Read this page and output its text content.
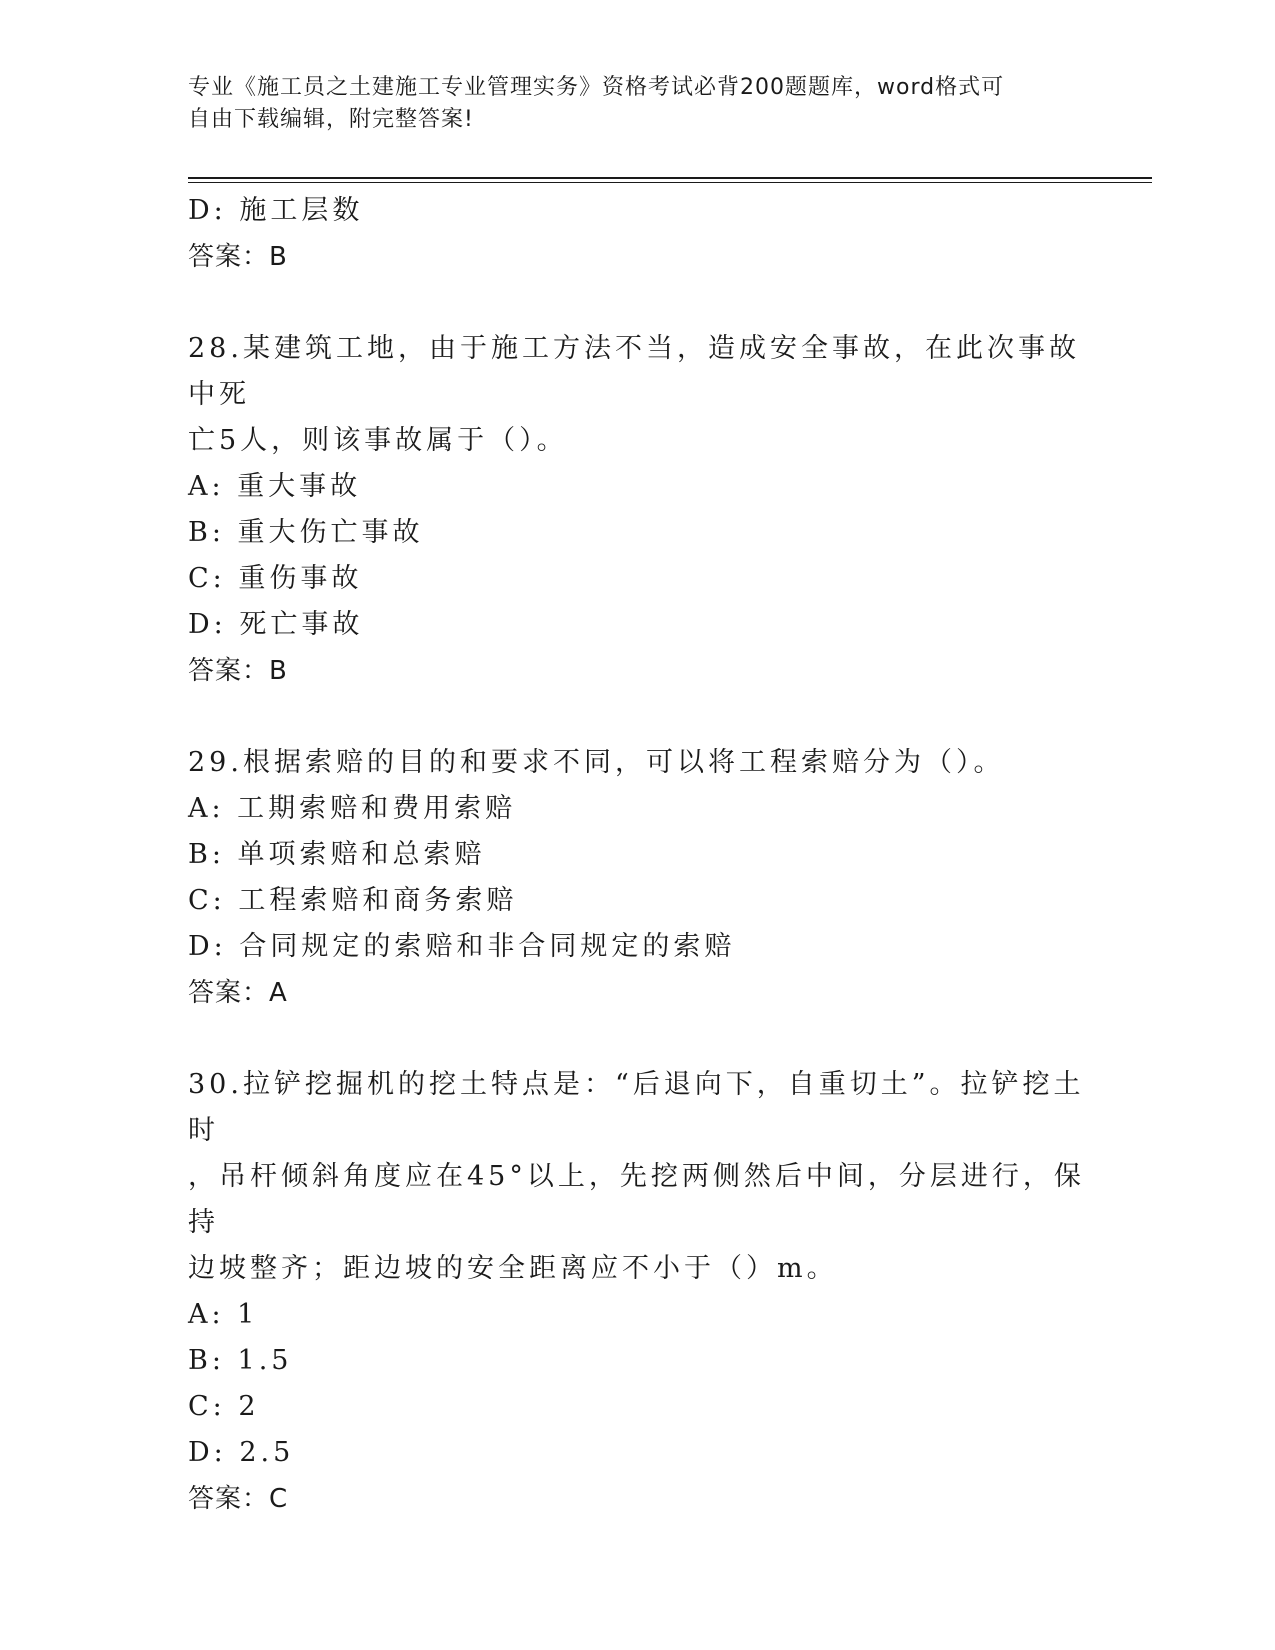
专业《施工员之土建施工专业管理实务》资格考试必背200题题库，word格式可
自由下载编辑，附完整答案!
D: 施工层数
答案：B
28.某建筑工地，由于施工方法不当，造成安全事故，在此次事故中死
亡5人，则该事故属于（）。
A: 重大事故
B: 重大伤亡事故
C: 重伤事故
D: 死亡事故
答案：B
29.根据索赔的目的和要求不同，可以将工程索赔分为（）。
A: 工期索赔和费用索赔
B: 单项索赔和总索赔
C: 工程索赔和商务索赔
D: 合同规定的索赔和非合同规定的索赔
答案：A
30.拉铲挖掘机的挖土特点是：“后退向下，自重切土”。拉铲挖土时
，吊杆倾斜角度应在45°以上，先挖两侧然后中间，分层进行，保持
边坡整齐；距边坡的安全距离应不小于（）m。
A: 1
B: 1.5
C: 2
D: 2.5
答案：C
